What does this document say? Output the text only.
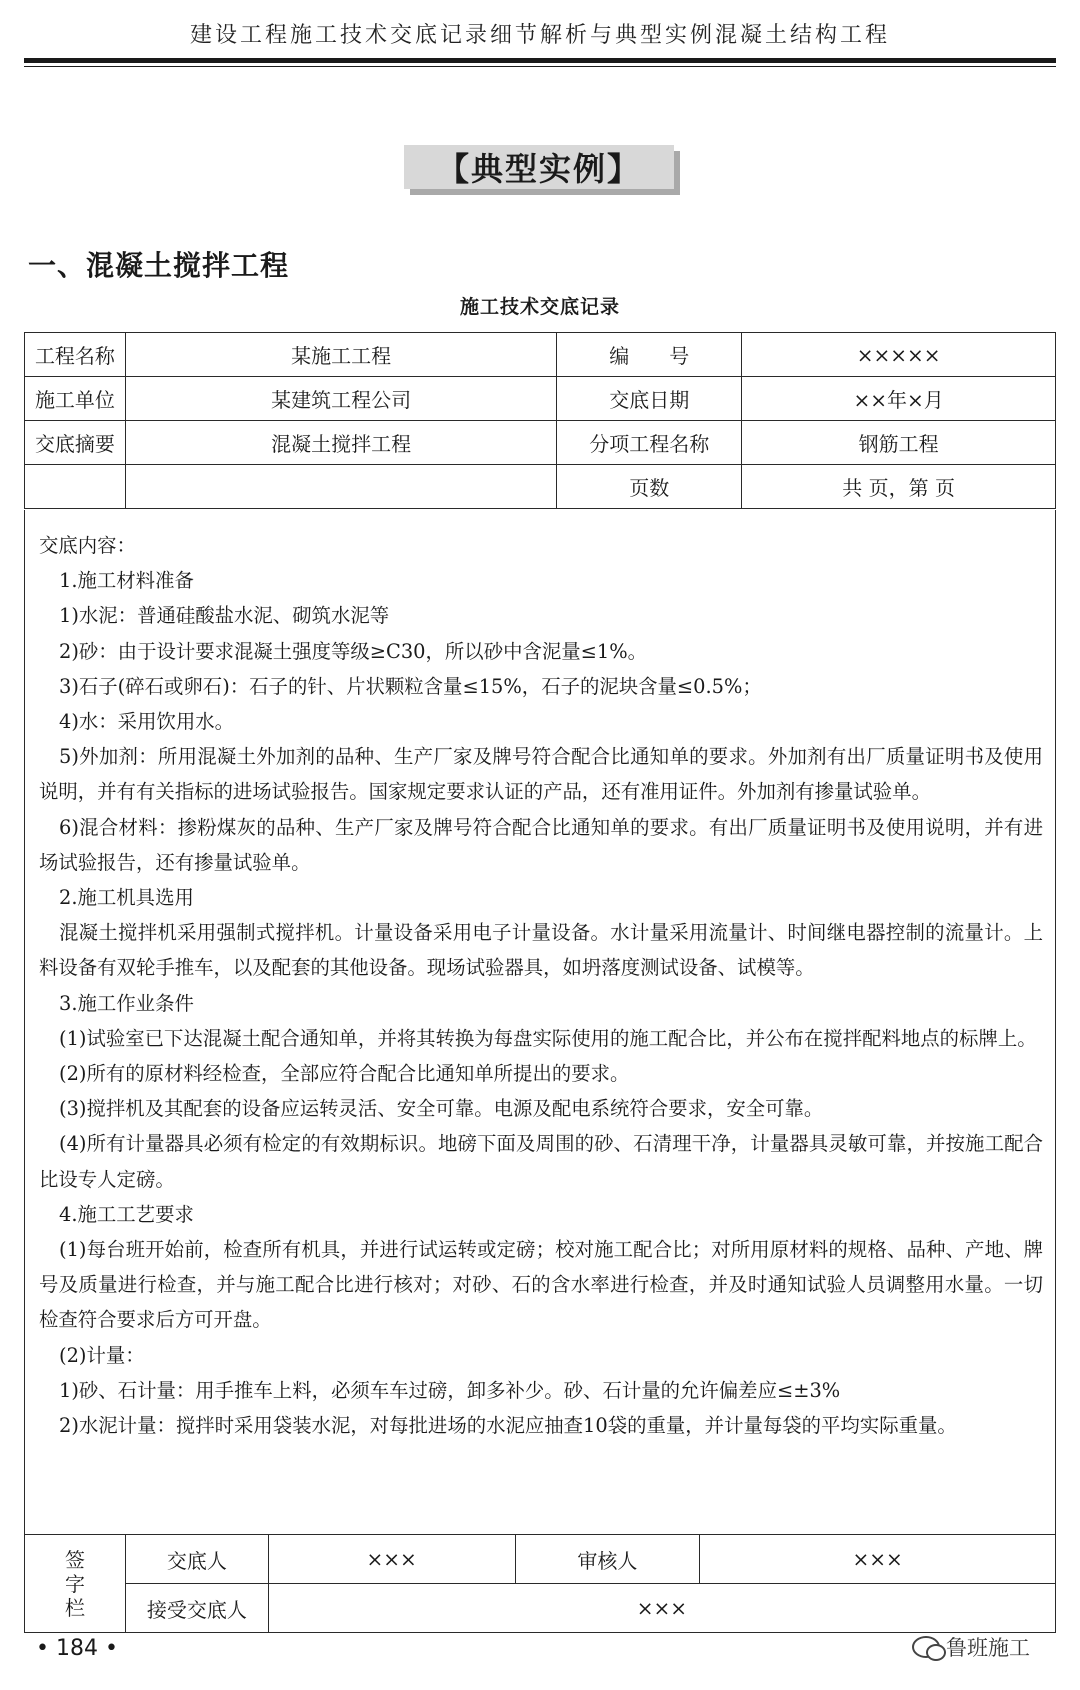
建设工程施工技术交底记录细节解析与典型实例混凝土结构工程
【典型实例】
一、混凝土搅拌工程
施工技术交底记录
工程名称	某施工工程	编　　号	×××××
施工单位	某建筑工程公司	交底日期	××年×月
交底摘要	混凝土搅拌工程	分项工程名称	钢筋工程
		页数	共 页，第 页

交底内容：

1.施工材料准备

1)水泥：普通硅酸盐水泥、砌筑水泥等

2)砂：由于设计要求混凝土强度等级≥C30，所以砂中含泥量≤1%。

3)石子(碎石或卵石)：石子的针、片状颗粒含量≤15%，石子的泥块含量≤0.5%；

4)水：采用饮用水。

5)外加剂：所用混凝土外加剂的品种、生产厂家及牌号符合配合比通知单的要求。外加剂有出厂质量证明书及使用说明，并有有关指标的进场试验报告。国家规定要求认证的产品，还有准用证件。外加剂有掺量试验单。

6)混合材料：掺粉煤灰的品种、生产厂家及牌号符合配合比通知单的要求。有出厂质量证明书及使用说明，并有进场试验报告，还有掺量试验单。

2.施工机具选用

混凝土搅拌机采用强制式搅拌机。计量设备采用电子计量设备。水计量采用流量计、时间继电器控制的流量计。上料设备有双轮手推车，以及配套的其他设备。现场试验器具，如坍落度测试设备、试模等。

3.施工作业条件

(1)试验室已下达混凝土配合通知单，并将其转换为每盘实际使用的施工配合比，并公布在搅拌配料地点的标牌上。

(2)所有的原材料经检查，全部应符合配合比通知单所提出的要求。

(3)搅拌机及其配套的设备应运转灵活、安全可靠。电源及配电系统符合要求，安全可靠。

(4)所有计量器具必须有检定的有效期标识。地磅下面及周围的砂、石清理干净，计量器具灵敏可靠，并按施工配合比设专人定磅。

4.施工工艺要求

(1)每台班开始前，检查所有机具，并进行试运转或定磅；校对施工配合比；对所用原材料的规格、品种、产地、牌号及质量进行检查，并与施工配合比进行核对；对砂、石的含水率进行检查，并及时通知试验人员调整用水量。一切检查符合要求后方可开盘。

(2)计量：

1)砂、石计量：用手推车上料，必须车车过磅，卸多补少。砂、石计量的允许偏差应≤±3%

2)水泥计量：搅拌时采用袋装水泥，对每批进场的水泥应抽查10袋的重量，并计量每袋的平均实际重量。

签
字
栏	交底人	×××	审核人	×××
	接受交底人	×××		
• 184 •	鲁班施工
